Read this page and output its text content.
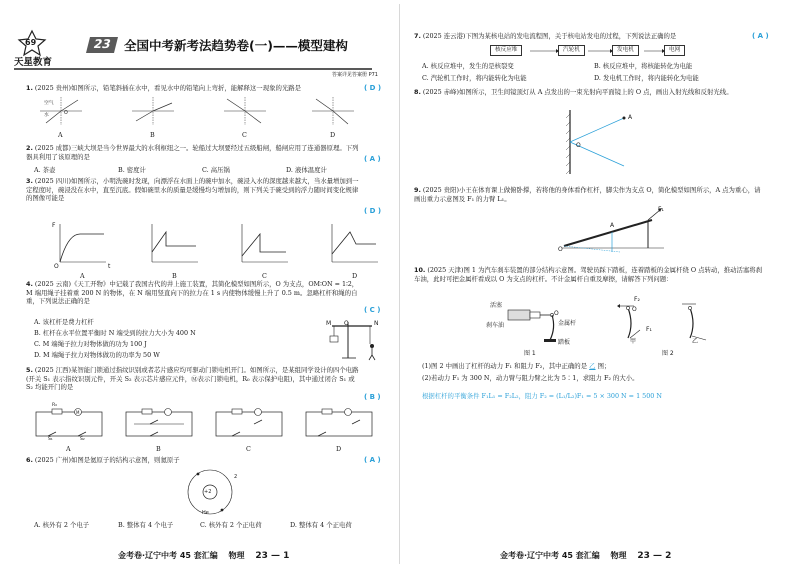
69
天星教育
23 全国中考新考法趋势卷(一)——模型建构
答案详见答案册 P71
1. (2025 贵州)如图所示，铅笔斜插在水中，看见水中的铅笔向上弯折，能解释这一现象的光路是	( D )
空气
水	O
A	B	C	D
2. (2025 成都)三峡大坝是当今世界最大的水利枢纽之一。轮船过大坝要经过五级船闸，船闸应用了连通器原理。下列器具利用了该原理的是	( A )
A. 茶壶	B. 密度计	C. 高压锅	D. 液体温度计
3. (2025 四川)如图所示，小明洗碗时发现，向漂浮在水面上的碗中加水，碗浸入水的深度越来越大，当水量增加到一定程度时，碗浸没在水中，直至沉底。假如碗里水的质量是缓慢均匀增加的，则下列关于碗受到的浮力随时间变化规律的图像可能是
( D )
F
t
O
A	B	C	D
4. (2025 云南)《天工开物》中记载了我国古代的井上施工装置，其简化模型如图所示，O 为支点，OM∶ON = 1∶2，M 端用绳子挂着重 200 N 的物体，在 N 端用竖直向下的拉力在 1 s 内使物体缓慢上升了 0.5 m。忽略杠杆和绳的自重，下列说法正确的是
( C )
A. 该杠杆是费力杠杆
B. 杠杆在水平位置平衡时 N 端受到的拉力大小为 400 N
C. M 端绳子拉力对物体做的功为 100 J
D. M 端绳子拉力对物体做功的功率为 50 W
M O	N
5. (2025 江西)某智能门锁通过指纹识别或者芯片感应均可驱动门锁电机开门。如图所示，是某组同学设计的四个电路(开关 S₁ 表示指纹识别元件，开关 S₂ 表示芯片感应元件，Ⓜ表示门锁电机，R₀ 表示保护电阻)，其中通过闭合 S₁ 或 S₂ 均能开门的是
( B )
R₀
M
S₁	S₂
A	B	C	D
6. (2025 广州)如图是氦原子的结构示意图，则氦原子	( A )
+2
2
He
A. 核外有 2 个电子	B. 整体有 4 个电子	C. 核外有 2 个正电荷	D. 整体有 4 个正电荷
金考卷·辽宁中考 45 套汇编 物理 23 — 1
7. (2025 连云港)下图为某核电站的发电流程图，关于核电站发电的过程，下列说法正确的是	( A )
核反应堆	汽轮机	发电机	电网
A. 核反应堆中，发生的是核裂变	B. 核反应堆中，将核能转化为电能
C. 汽轮机工作时，将内能转化为电能	D. 发电机工作时，将内能转化为电能
8. (2025 赤峰)如图所示，卫生间镜顶灯从 A 点发出的一束光射向平面镜上的 O 点，画出入射光线和反射光线。
A
O
9. (2025 贵阳)小王在体育课上做俯卧撑，若将他的身体看作杠杆，脚尖作为支点 O，简化模型如图所示，A 点为重心，请画出重力示意图及 F₁ 的力臂 L₁。
F₁
A
O
10. (2025 天津)图 1 为汽车刹车装置的部分结构示意图。驾驶员踩下踏板，连着踏板的金属杆绕 O 点转动，推动活塞将刹车油，此时可把金属杆看成以 O 为支点的杠杆。不计金属杆自重及摩擦，请解答下列问题：
活塞
刹车油	金属杆
踏板
O
图 1
F₂
F₁
甲	乙
O
图 2
(1)图 2 中画出了杠杆的动力 F₁ 和阻力 F₂，其中正确的是 乙 图；
(2)若动力 F₁ 为 300 N，动力臂与阻力臂之比为 5∶1，求阻力 F₂ 的大小。
根据杠杆的平衡条件 F₁L₁ = F₂L₂，阻力 F₂ = (L₁/L₂)F₁ = 5 × 300 N = 1 500 N
金考卷·辽宁中考 45 套汇编 物理 23 — 2
